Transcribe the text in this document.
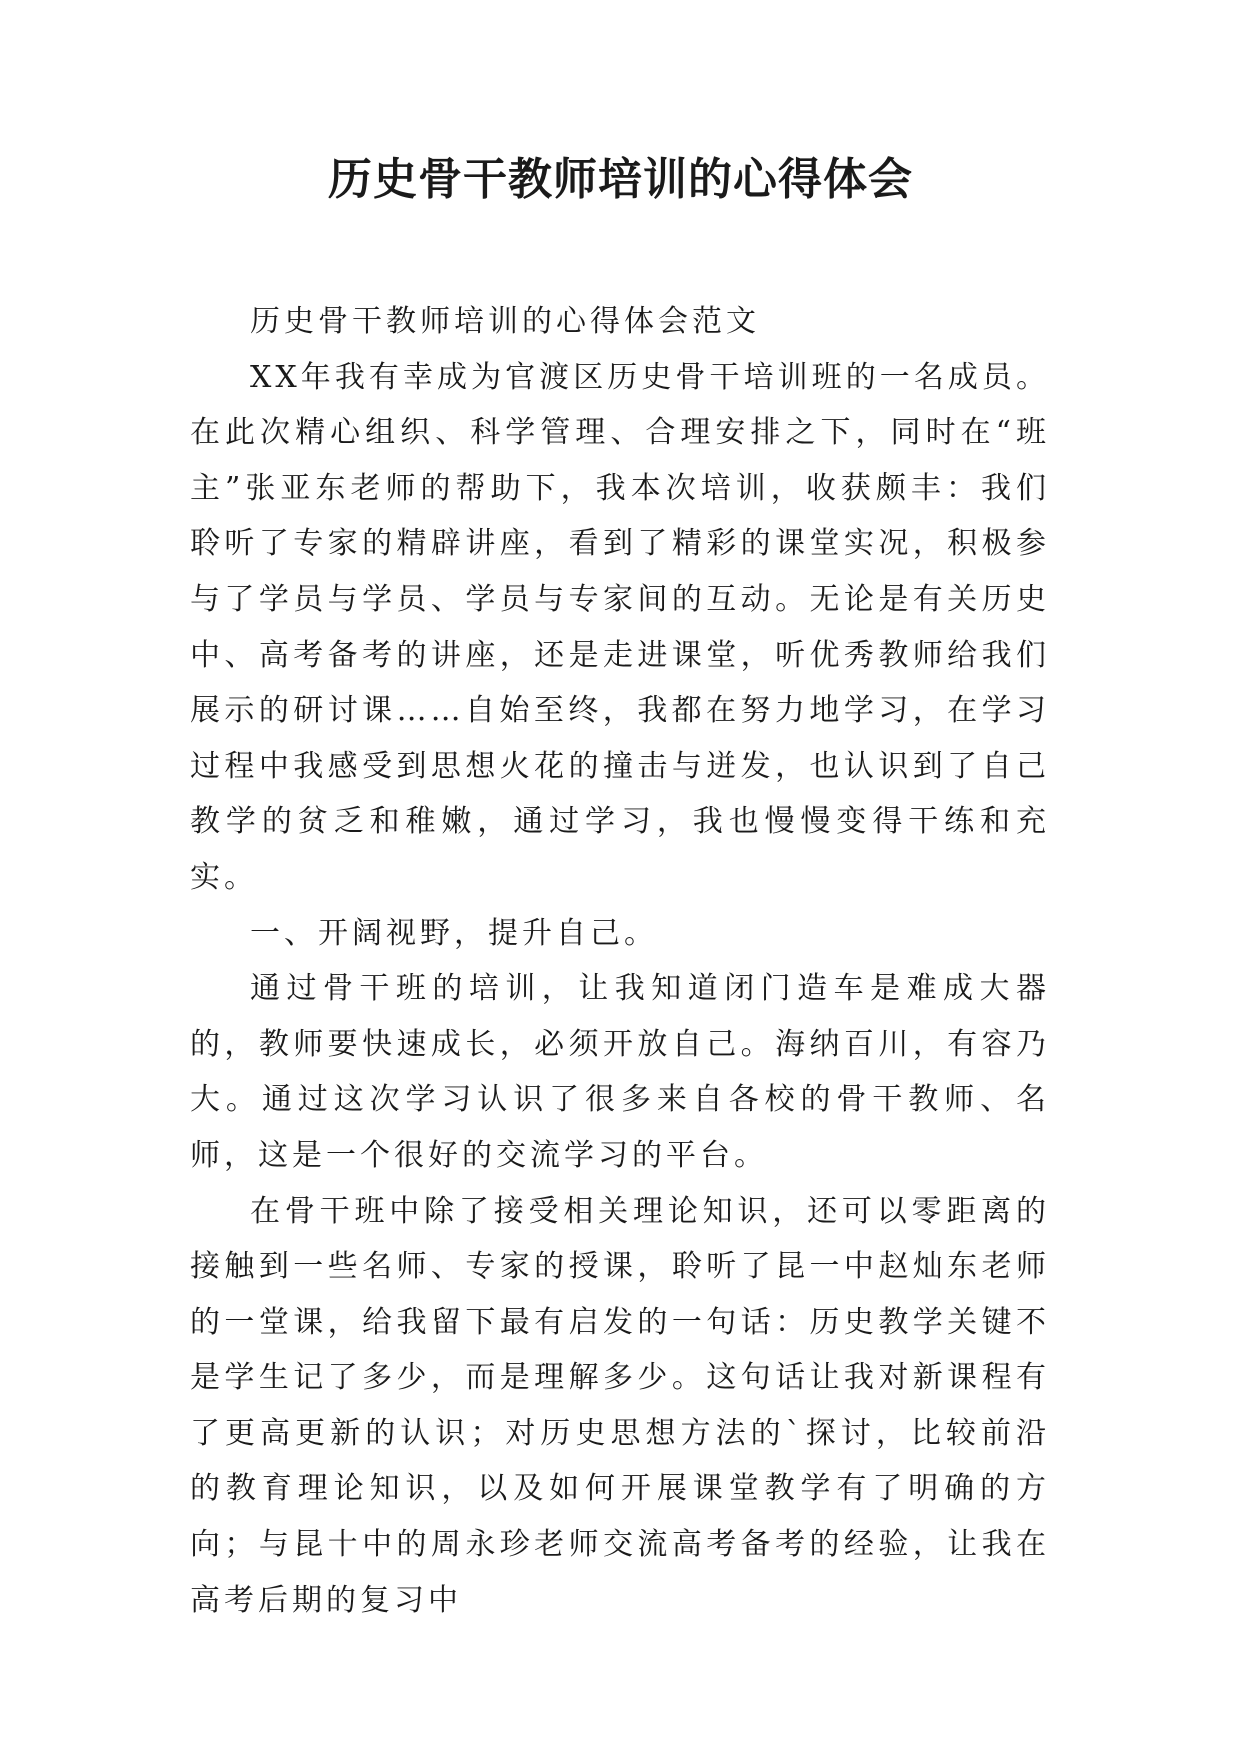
历史骨干教师培训的心得体会

历史骨干教师培训的心得体会范文

XX年我有幸成为官渡区历史骨干培训班的一名成员。在此次精心组织、科学管理、合理安排之下，同时在“班主”张亚东老师的帮助下，我本次培训，收获颇丰：我们聆听了专家的精辟讲座，看到了精彩的课堂实况，积极参与了学员与学员、学员与专家间的互动。无论是有关历史中、高考备考的讲座，还是走进课堂，听优秀教师给我们展示的研讨课……自始至终，我都在努力地学习，在学习过程中我感受到思想火花的撞击与迸发，也认识到了自己教学的贫乏和稚嫩，通过学习，我也慢慢变得干练和充实。

一、开阔视野，提升自己。

通过骨干班的培训，让我知道闭门造车是难成大器的，教师要快速成长，必须开放自己。海纳百川，有容乃大。通过这次学习认识了很多来自各校的骨干教师、名师，这是一个很好的交流学习的平台。

在骨干班中除了接受相关理论知识，还可以零距离的接触到一些名师、专家的授课，聆听了昆一中赵灿东老师的一堂课，给我留下最有启发的一句话：历史教学关键不是学生记了多少，而是理解多少。这句话让我对新课程有了更高更新的认识；对历史思想方法的`探讨，比较前沿的教育理论知识，以及如何开展课堂教学有了明确的方向；与昆十中的周永珍老师交流高考备考的经验，让我在高考后期的复习中
